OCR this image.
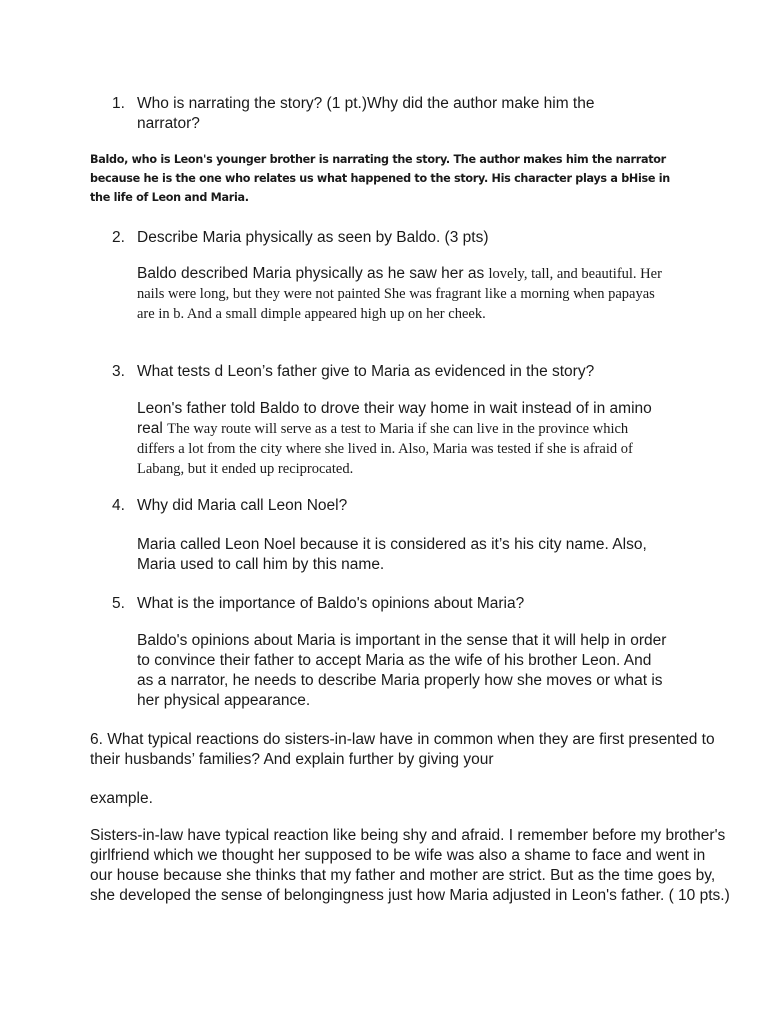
1. Who is narrating the story? (1 pt.)Why did the author make him the narrator?
Baldo, who is Leon's younger brother is narrating the story. The author makes him the narrator because he is the one who relates us what happened to the story. His character plays a bHise in the life of Leon and Maria.
2. Describe Maria physically as seen by Baldo. (3 pts)
Baldo described Maria physically as he saw her as lovely, tall, and beautiful. Her nails were long, but they were not painted She was fragrant like a morning when papayas are in b. And a small dimple appeared high up on her cheek.
3. What tests d Leon’s father give to Maria as evidenced in the story?
Leon's father told Baldo to drove their way home in wait instead of in amino real The way route will serve as a test to Maria if she can live in the province which differs a lot from the city where she lived in. Also, Maria was tested if she is afraid of Labang, but it ended up reciprocated.
4. Why did Maria call Leon Noel?
Maria called Leon Noel because it is considered as it’s his city name. Also, Maria used to call him by this name.
5. What is the importance of Baldo's opinions about Maria?
Baldo's opinions about Maria is important in the sense that it will help in order to convince their father to accept Maria as the wife of his brother Leon. And as a narrator, he needs to describe Maria properly how she moves or what is her physical appearance.
6. What typical reactions do sisters-in-law have in common when they are first presented to their husbands’ families? And explain further by giving your
example.
Sisters-in-law have typical reaction like being shy and afraid. I remember before my brother's girlfriend which we thought her supposed to be wife was also a shame to face and went in our house because she thinks that my father and mother are strict. But as the time goes by, she developed the sense of belongingness just how Maria adjusted in Leon's father. ( 10 pts.)
